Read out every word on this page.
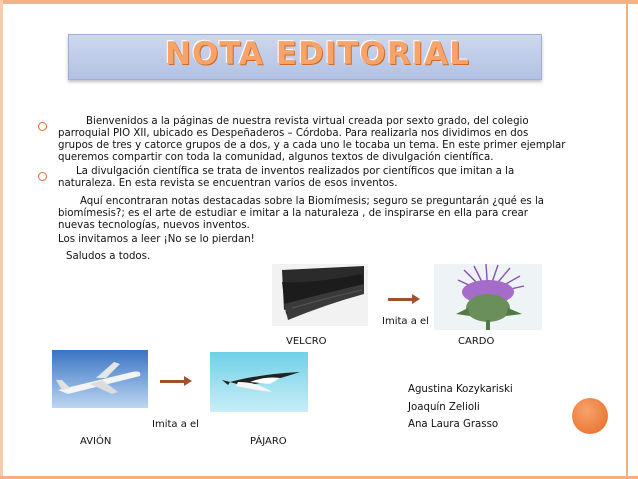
NOTA EDITORIAL
Bienvenidos a la páginas de nuestra revista virtual creada por sexto grado, del colegio
parroquial PIO XII, ubicado es Despeñaderos – Córdoba. Para realizarla nos dividimos en dos
grupos de tres y catorce grupos de a dos, y a cada uno le tocaba un tema. En este primer ejemplar
queremos compartir con toda la comunidad, algunos textos de divulgación científica.
La divulgación científica se trata de inventos realizados por científicos que imitan a la
naturaleza. En esta revista se encuentran varios de esos inventos.
Aquí encontraran notas destacadas sobre la Biomímesis; seguro se preguntarán ¿qué es la
biomímesis?; es el arte de estudiar e imitar a la naturaleza , de inspirarse en ella para crear
nuevas tecnologías, nuevos inventos.
Los invitamos a leer ¡No se lo pierdan!
Saludos a todos.
Imita a el
VELCRO	CARDO
Imita a el
AVIÓN	PÁJARO
Agustina Kozykariski
Joaquín Zelioli
Ana Laura Grasso
